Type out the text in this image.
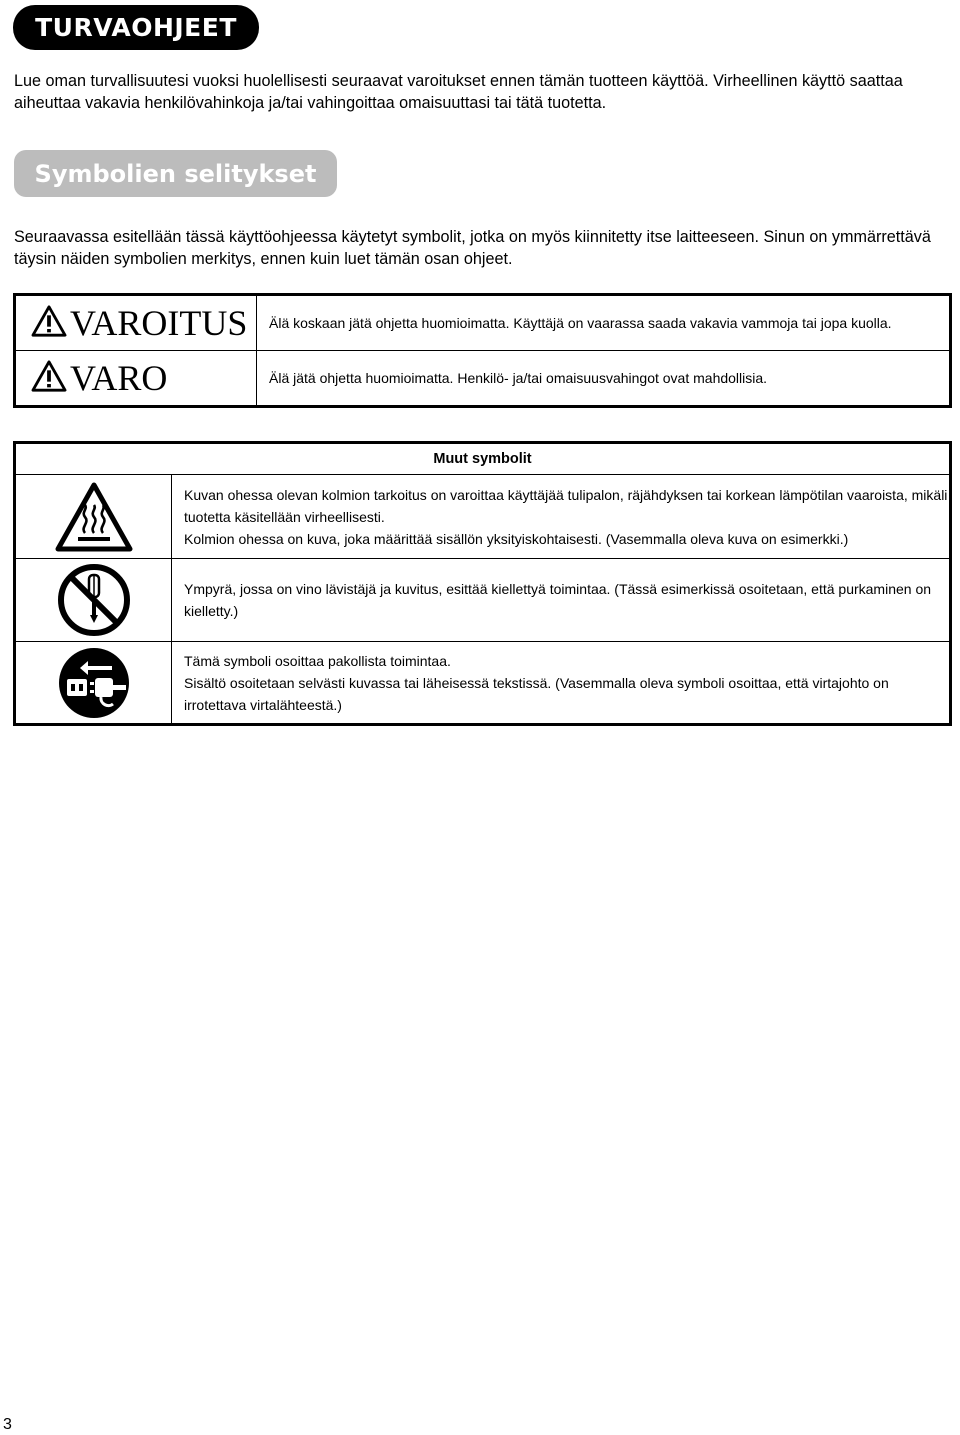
TURVAOHJEET
Lue oman turvallisuutesi vuoksi huolellisesti seuraavat varoitukset ennen tämän tuotteen käyttöä. Virheellinen käyttö saattaa aiheuttaa vakavia henkilövahinkoja ja/tai vahingoittaa omaisuuttasi tai tätä tuotetta.
Symbolien selitykset
Seuraavassa esitellään tässä käyttöohjeessa käytetyt symbolit, jotka on myös kiinnitetty itse laitteeseen. Sinun on ymmärrettävä täysin näiden symbolien merkitys, ennen kuin luet tämän osan ohjeet.
VAROITUS	Älä koskaan jätä ohjetta huomioimatta. Käyttäjä on vaarassa saada vakavia vammoja tai jopa kuolla.

VARO	Älä jätä ohjetta huomioimatta. Henkilö- ja/tai omaisuusvahingot ovat mahdollisia.
Muut symbolit	

Kuvan ohessa olevan kolmion tarkoitus on varoittaa käyttäjää tulipalon, räjähdyksen tai korkean lämpötilan vaaroista, mikäli tuotetta käsitellään virheellisesti.
Kolmion ohessa on kuva, joka määrittää sisällön yksityiskohtaisesti. (Vasemmalla oleva kuva on esimerkki.)

Ympyrä, jossa on vino lävistäjä ja kuvitus, esittää kiellettyä toimintaa. (Tässä esimerkissä osoitetaan, että purkaminen on kielletty.)

Tämä symboli osoittaa pakollista toimintaa.
Sisältö osoitetaan selvästi kuvassa tai läheisessä tekstissä. (Vasemmalla oleva symboli osoittaa, että virtajohto on irrotettava virtalähteestä.)
3
